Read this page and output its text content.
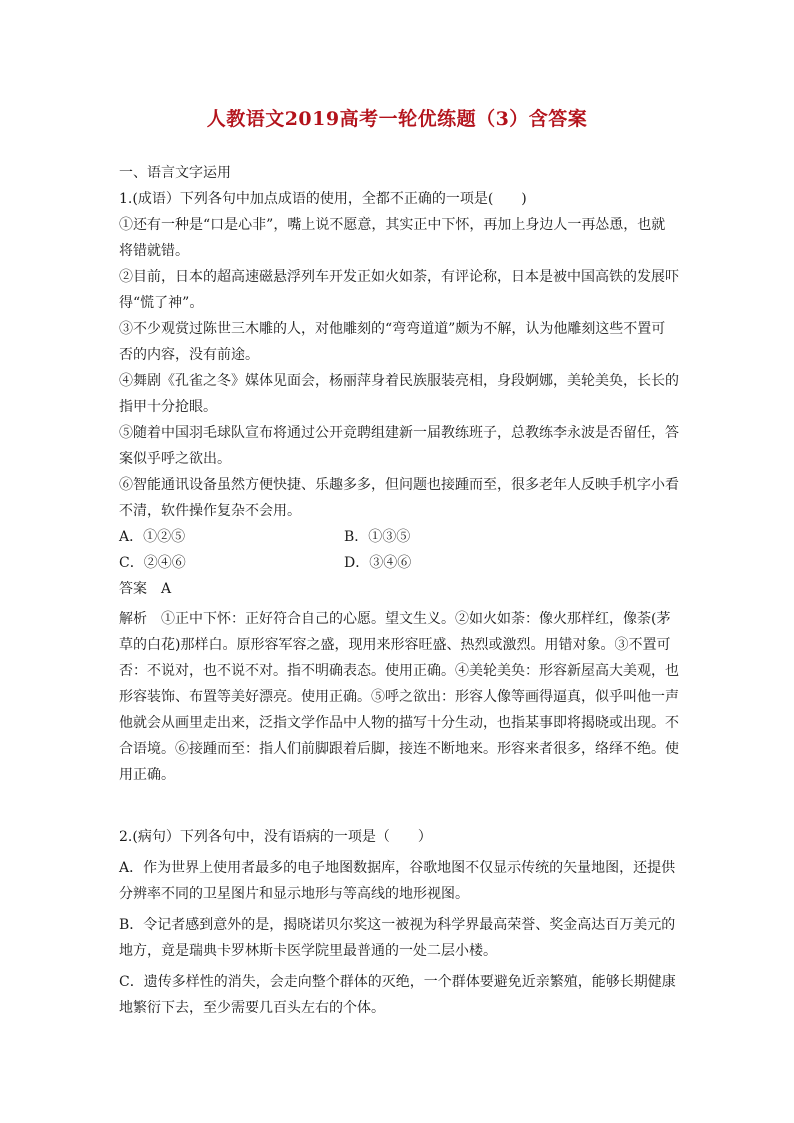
人教语文2019高考一轮优练题（3）含答案
一、语言文字运用
1.(成语）下列各句中加点成语的使用，全都不正确的一项是(　　)
①还有一种是“口是心非”，嘴上说不愿意，其实正中下怀，再加上身边人一再怂恿，也就将错就错。
②目前，日本的超高速磁悬浮列车开发正如火如荼，有评论称，日本是被中国高铁的发展吓得“慌了神”。
③不少观赏过陈世三木雕的人，对他雕刻的“弯弯道道”颇为不解，认为他雕刻这些不置可否的内容，没有前途。
④舞剧《孔雀之冬》媒体见面会，杨丽萍身着民族服装亮相，身段婀娜，美轮美奂，长长的指甲十分抢眼。
⑤随着中国羽毛球队宣布将通过公开竞聘组建新一届教练班子，总教练李永波是否留任，答案似乎呼之欲出。
⑥智能通讯设备虽然方便快捷、乐趣多多，但问题也接踵而至，很多老年人反映手机字小看不清，软件操作复杂不会用。
A．①②⑤	B．①③⑤
C．②④⑥	D．③④⑥
答案 A
解析　①正中下怀：正好符合自己的心愿。望文生义。②如火如荼：像火那样红，像荼(茅草的白花)那样白。原形容军容之盛，现用来形容旺盛、热烈或激烈。用错对象。③不置可否：不说对，也不说不对。指不明确表态。使用正确。④美轮美奂：形容新屋高大美观，也形容装饰、布置等美好漂亮。使用正确。⑤呼之欲出：形容人像等画得逼真，似乎叫他一声他就会从画里走出来，泛指文学作品中人物的描写十分生动，也指某事即将揭晓或出现。不合语境。⑥接踵而至：指人们前脚跟着后脚，接连不断地来。形容来者很多，络绎不绝。使用正确。
2.(病句）下列各句中，没有语病的一项是（　　）
A．作为世界上使用者最多的电子地图数据库，谷歌地图不仅显示传统的矢量地图，还提供分辨率不同的卫星图片和显示地形与等高线的地形视图。
B．令记者感到意外的是，揭晓诺贝尔奖这一被视为科学界最高荣誉、奖金高达百万美元的地方，竟是瑞典卡罗林斯卡医学院里最普通的一处二层小楼。
C．遗传多样性的消失，会走向整个群体的灭绝，一个群体要避免近亲繁殖，能够长期健康地繁衍下去，至少需要几百头左右的个体。
